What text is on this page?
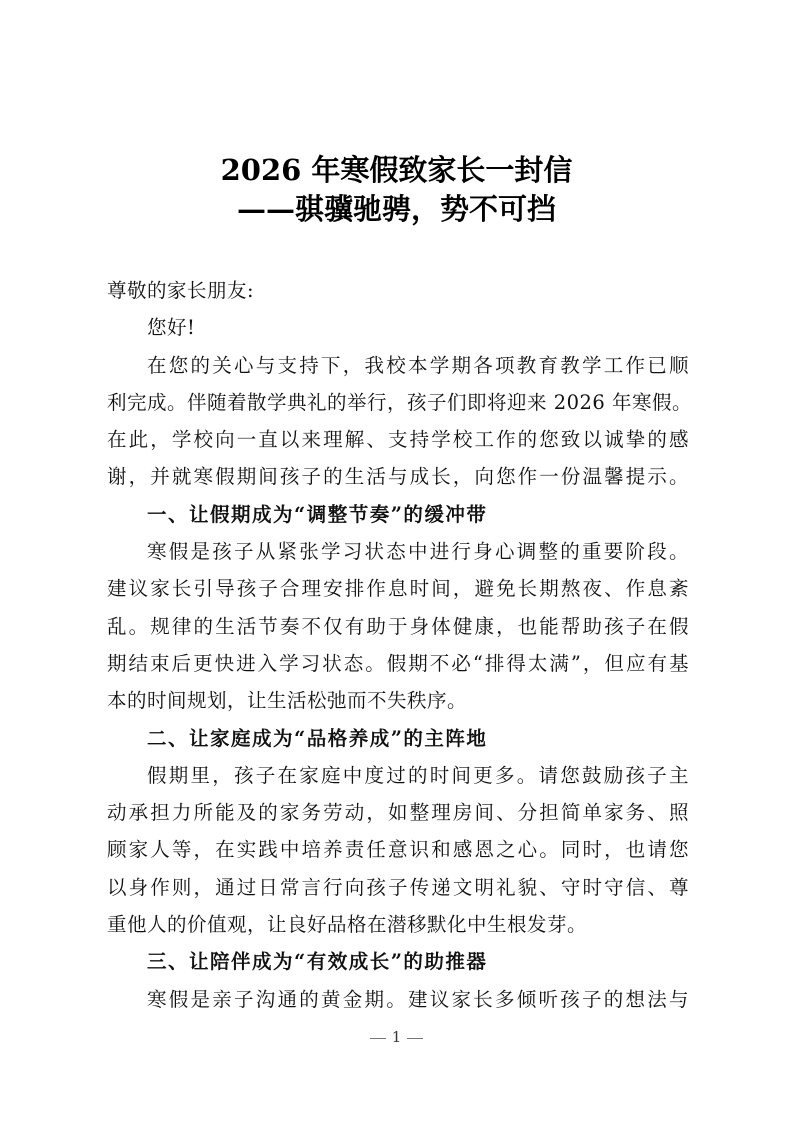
2026 年寒假致家长一封信
——骐骥驰骋，势不可挡
尊敬的家长朋友:
您好!
在您的关心与支持下，我校本学期各项教育教学工作已顺
利完成。伴随着散学典礼的举行，孩子们即将迎来 2026 年寒假。
在此，学校向一直以来理解、支持学校工作的您致以诚挚的感
谢，并就寒假期间孩子的生活与成长，向您作一份温馨提示。
一、让假期成为“调整节奏”的缓冲带
寒假是孩子从紧张学习状态中进行身心调整的重要阶段。
建议家长引导孩子合理安排作息时间，避免长期熬夜、作息紊
乱。规律的生活节奏不仅有助于身体健康，也能帮助孩子在假
期结束后更快进入学习状态。假期不必“排得太满”，但应有基
本的时间规划，让生活松弛而不失秩序。
二、让家庭成为“品格养成”的主阵地
假期里，孩子在家庭中度过的时间更多。请您鼓励孩子主
动承担力所能及的家务劳动，如整理房间、分担简单家务、照
顾家人等，在实践中培养责任意识和感恩之心。同时，也请您
以身作则，通过日常言行向孩子传递文明礼貌、守时守信、尊
重他人的价值观，让良好品格在潜移默化中生根发芽。
三、让陪伴成为“有效成长”的助推器
寒假是亲子沟通的黄金期。建议家长多倾听孩子的想法与
1
